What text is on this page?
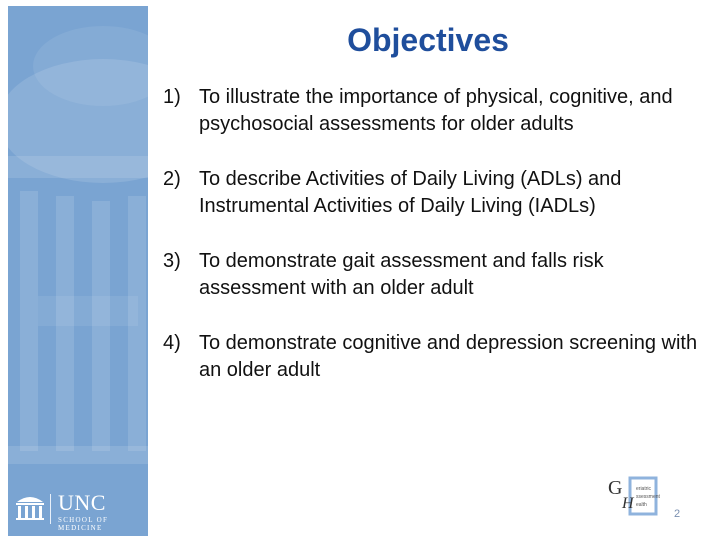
UNC
SCHOOL OF MEDICINE
Objectives
1) To illustrate the importance of physical, cognitive, and psychosocial assessments for older adults
2) To describe Activities of Daily Living (ADLs) and Instrumental Activities of Daily Living (IADLs)
3) To demonstrate gait assessment and falls risk assessment with an older adult
4) To demonstrate cognitive and depression screening with an older adult
G
H
eriatric
ssessment
ealth
2
